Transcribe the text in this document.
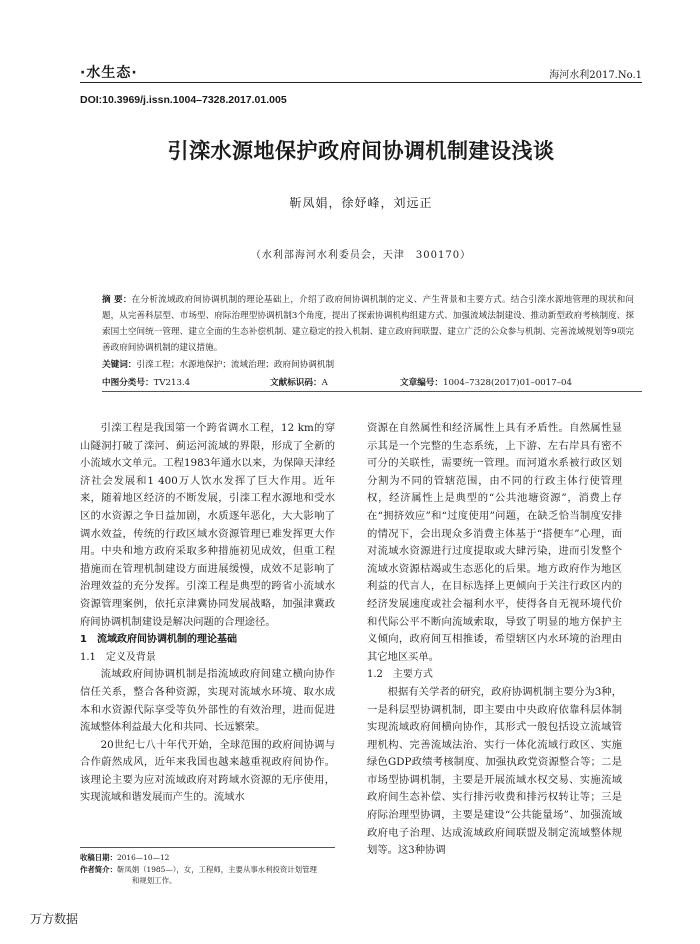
·水生态·	海河水利2017.No.1
DOI:10.3969/j.issn.1004–7328.2017.01.005
引滦水源地保护政府间协调机制建设浅谈
靳凤娟，徐妤峰，刘远正
（水利部海河水利委员会，天津　300170）
摘 要：在分析流域政府间协调机制的理论基础上，介绍了政府间协调机制的定义、产生背景和主要方式。结合引滦水源地管理的现状和问题，从完善科层型、市场型、府际治理型协调机制3个角度，提出了探索协调机构组建方式、加强流域法制建设、推动新型政府考核制度、探索国土空间统一管理、建立全面的生态补偿机制、建立稳定的投入机制、建立政府间联盟、建立广泛的公众参与机制、完善流域规划等9项完善政府间协调机制的建议措施。
关键词：引滦工程；水源地保护；流域治理；政府间协调机制
中图分类号：TV213.4	文献标识码：A	文章编号：1004–7328(2017)01–0017–04

引滦工程是我国第一个跨省调水工程，12 km的穿山隧洞打破了滦河、蓟运河流域的界限，形成了全新的小流域水文单元。工程1983年通水以来，为保障天津经济社会发展和1 400万人饮水发挥了巨大作用。近年来，随着地区经济的不断发展，引滦工程水源地和受水区的水资源之争日益加剧，水质逐年恶化，大大影响了调水效益，传统的行政区域水资源管理已难发挥更大作用。中央和地方政府采取多种措施初见成效，但重工程措施而在管理机制建设方面进展缓慢，成效不足影响了治理效益的充分发挥。引滦工程是典型的跨省小流域水资源管理案例，依托京津冀协同发展战略，加强津冀政府间协调机制建设是解决问题的合理途径。

1　流域政府间协调机制的理论基础
1.1　定义及背景

流域政府间协调机制是指流域政府间建立横向协作信任关系，整合各种资源，实现对流域水环境、取水成本和水资源代际享受等负外部性的有效治理，进而促进流域整体利益最大化和共同、长远繁荣。

20世纪七八十年代开始，全球范围的政府间协调与合作蔚然成风，近年来我国也越来越重视政府间协作。该理论主要为应对流域政府对跨域水资源的无序使用，实现流域和谐发展而产生的。流域水

资源在自然属性和经济属性上具有矛盾性。自然属性显示其是一个完整的生态系统，上下游、左右岸具有密不可分的关联性，需要统一管理。而河道水系被行政区划分割为不同的管辖范围，由不同的行政主体行使管理权，经济属性上是典型的“公共池塘资源”，消费上存在“拥挤效应”和“过度使用”问题，在缺乏恰当制度安排的情况下，会出现众多消费主体基于“搭便车”心理，面对流域水资源进行过度提取或大肆污染，进而引发整个流域水资源枯竭或生态恶化的后果。地方政府作为地区利益的代言人，在目标选择上更倾向于关注行政区内的经济发展速度或社会福利水平，使得各自无视环境代价和代际公平不断向流域索取，导致了明显的地方保护主义倾向，政府间互相推诿，希望辖区内水环境的治理由其它地区买单。

1.2　主要方式

根据有关学者的研究，政府协调机制主要分为3种，一是科层型协调机制，即主要由中央政府依靠科层体制实现流域政府间横向协作，其形式一般包括设立流域管理机构、完善流域法治、实行一体化流域行政区、实施绿色GDP政绩考核制度、加强执政党资源整合等；二是市场型协调机制，主要是开展流域水权交易、实施流域政府间生态补偿、实行排污收费和排污权转让等；三是府际治理型协调，主要是建设“公共能量场”、加强流域政府电子治理、达成流域政府间联盟及制定流域整体规划等。这3种协调

收稿日期：2016—10—12
作者简介：靳凤娟（1985—），女，工程师，主要从事水利投资计划管理
和规划工作。
万方数据
